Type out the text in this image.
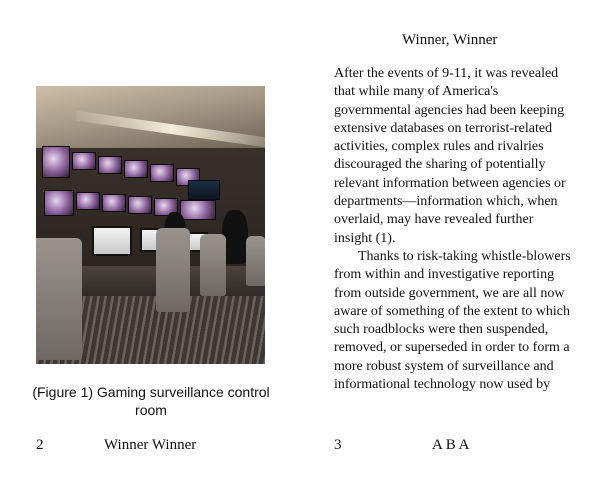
(Figure 1) Gaming surveillance control room

2	Winner Winner
Winner, Winner

After the events of 9-11, it was revealed that while many of America's governmental agencies had been keeping extensive databases on terrorist-related activities, complex rules and rivalries discouraged the sharing of potentially relevant information between agencies or departments—information which, when overlaid, may have revealed further insight (1).

Thanks to risk-taking whistle-blowers from within and investigative reporting from outside government, we are all now aware of something of the extent to which such roadblocks were then suspended, removed, or superseded in order to form a more robust system of surveillance and informational technology now used by

3	A B A
